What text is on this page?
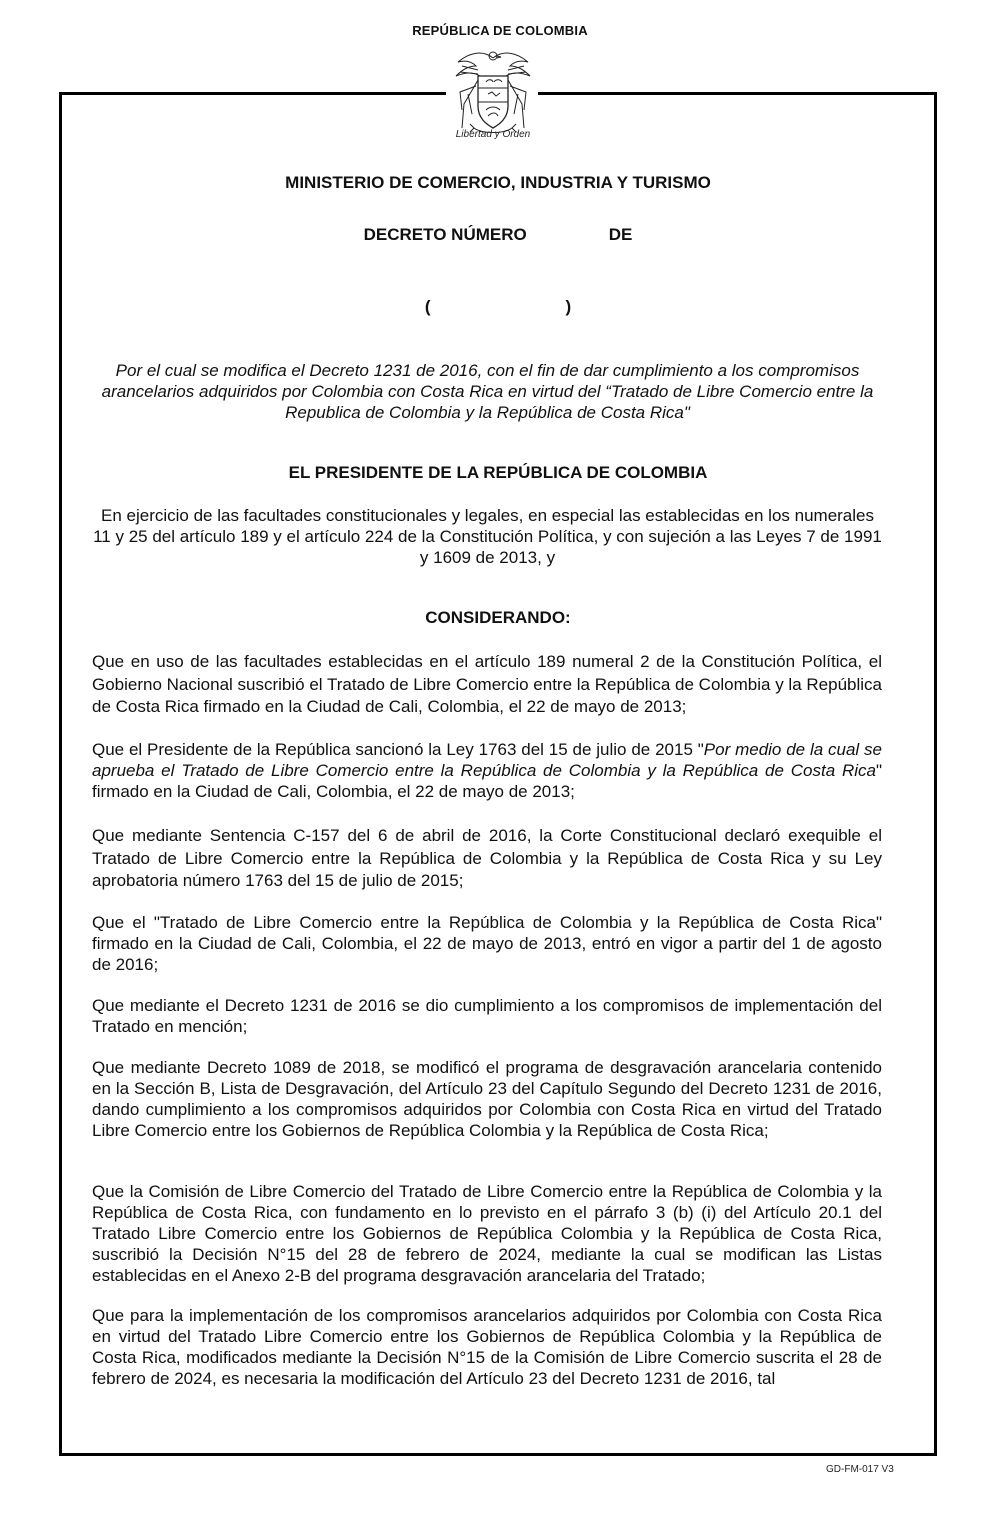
REPÚBLICA DE COLOMBIA
Libertad y Orden
MINISTERIO DE COMERCIO, INDUSTRIA Y TURISMO
DECRETO NÚMERO	DE
(	)
Por el cual se modifica el Decreto 1231 de 2016, con el fin de dar cumplimiento a los compromisos arancelarios adquiridos por Colombia con Costa Rica en virtud del “Tratado de Libre Comercio entre la Republica de Colombia y la República de Costa Rica"
EL PRESIDENTE DE LA REPÚBLICA DE COLOMBIA
En ejercicio de las facultades constitucionales y legales, en especial las establecidas en los numerales 11 y 25 del artículo 189 y el artículo 224 de la Constitución Política, y con sujeción a las Leyes 7 de 1991 y 1609 de 2013, y
CONSIDERANDO:
Que en uso de las facultades establecidas en el artículo 189 numeral 2 de la Constitución Política, el Gobierno Nacional suscribió el Tratado de Libre Comercio entre la República de Colombia y la República de Costa Rica firmado en la Ciudad de Cali, Colombia, el 22 de mayo de 2013;
Que el Presidente de la República sancionó la Ley 1763 del 15 de julio de 2015 "Por medio de la cual se aprueba el Tratado de Libre Comercio entre la República de Colombia y la República de Costa Rica" firmado en la Ciudad de Cali, Colombia, el 22 de mayo de 2013;
Que mediante Sentencia C-157 del 6 de abril de 2016, la Corte Constitucional declaró exequible el Tratado de Libre Comercio entre la República de Colombia y la República de Costa Rica y su Ley aprobatoria número 1763 del 15 de julio de 2015;
Que el "Tratado de Libre Comercio entre la República de Colombia y la República de Costa Rica" firmado en la Ciudad de Cali, Colombia, el 22 de mayo de 2013, entró en vigor a partir del 1 de agosto de 2016;
Que mediante el Decreto 1231 de 2016 se dio cumplimiento a los compromisos de implementación del Tratado en mención;
Que mediante Decreto 1089 de 2018, se modificó el programa de desgravación arancelaria contenido en la Sección B, Lista de Desgravación, del Artículo 23 del Capítulo Segundo del Decreto 1231 de 2016, dando cumplimiento a los compromisos adquiridos por Colombia con Costa Rica en virtud del Tratado Libre Comercio entre los Gobiernos de República Colombia y la República de Costa Rica;
Que la Comisión de Libre Comercio del Tratado de Libre Comercio entre la República de Colombia y la República de Costa Rica, con fundamento en lo previsto en el párrafo 3 (b) (i) del Artículo 20.1 del Tratado Libre Comercio entre los Gobiernos de República Colombia y la República de Costa Rica, suscribió la Decisión N°15 del 28 de febrero de 2024, mediante la cual se modifican las Listas establecidas en el Anexo 2-B del programa desgravación arancelaria del Tratado;
Que para la implementación de los compromisos arancelarios adquiridos por Colombia con Costa Rica en virtud del Tratado Libre Comercio entre los Gobiernos de República Colombia y la República de Costa Rica, modificados mediante la Decisión N°15 de la Comisión de Libre Comercio suscrita el 28 de febrero de 2024, es necesaria la modificación del Artículo 23 del Decreto 1231 de 2016, tal
GD-FM-017 V3
